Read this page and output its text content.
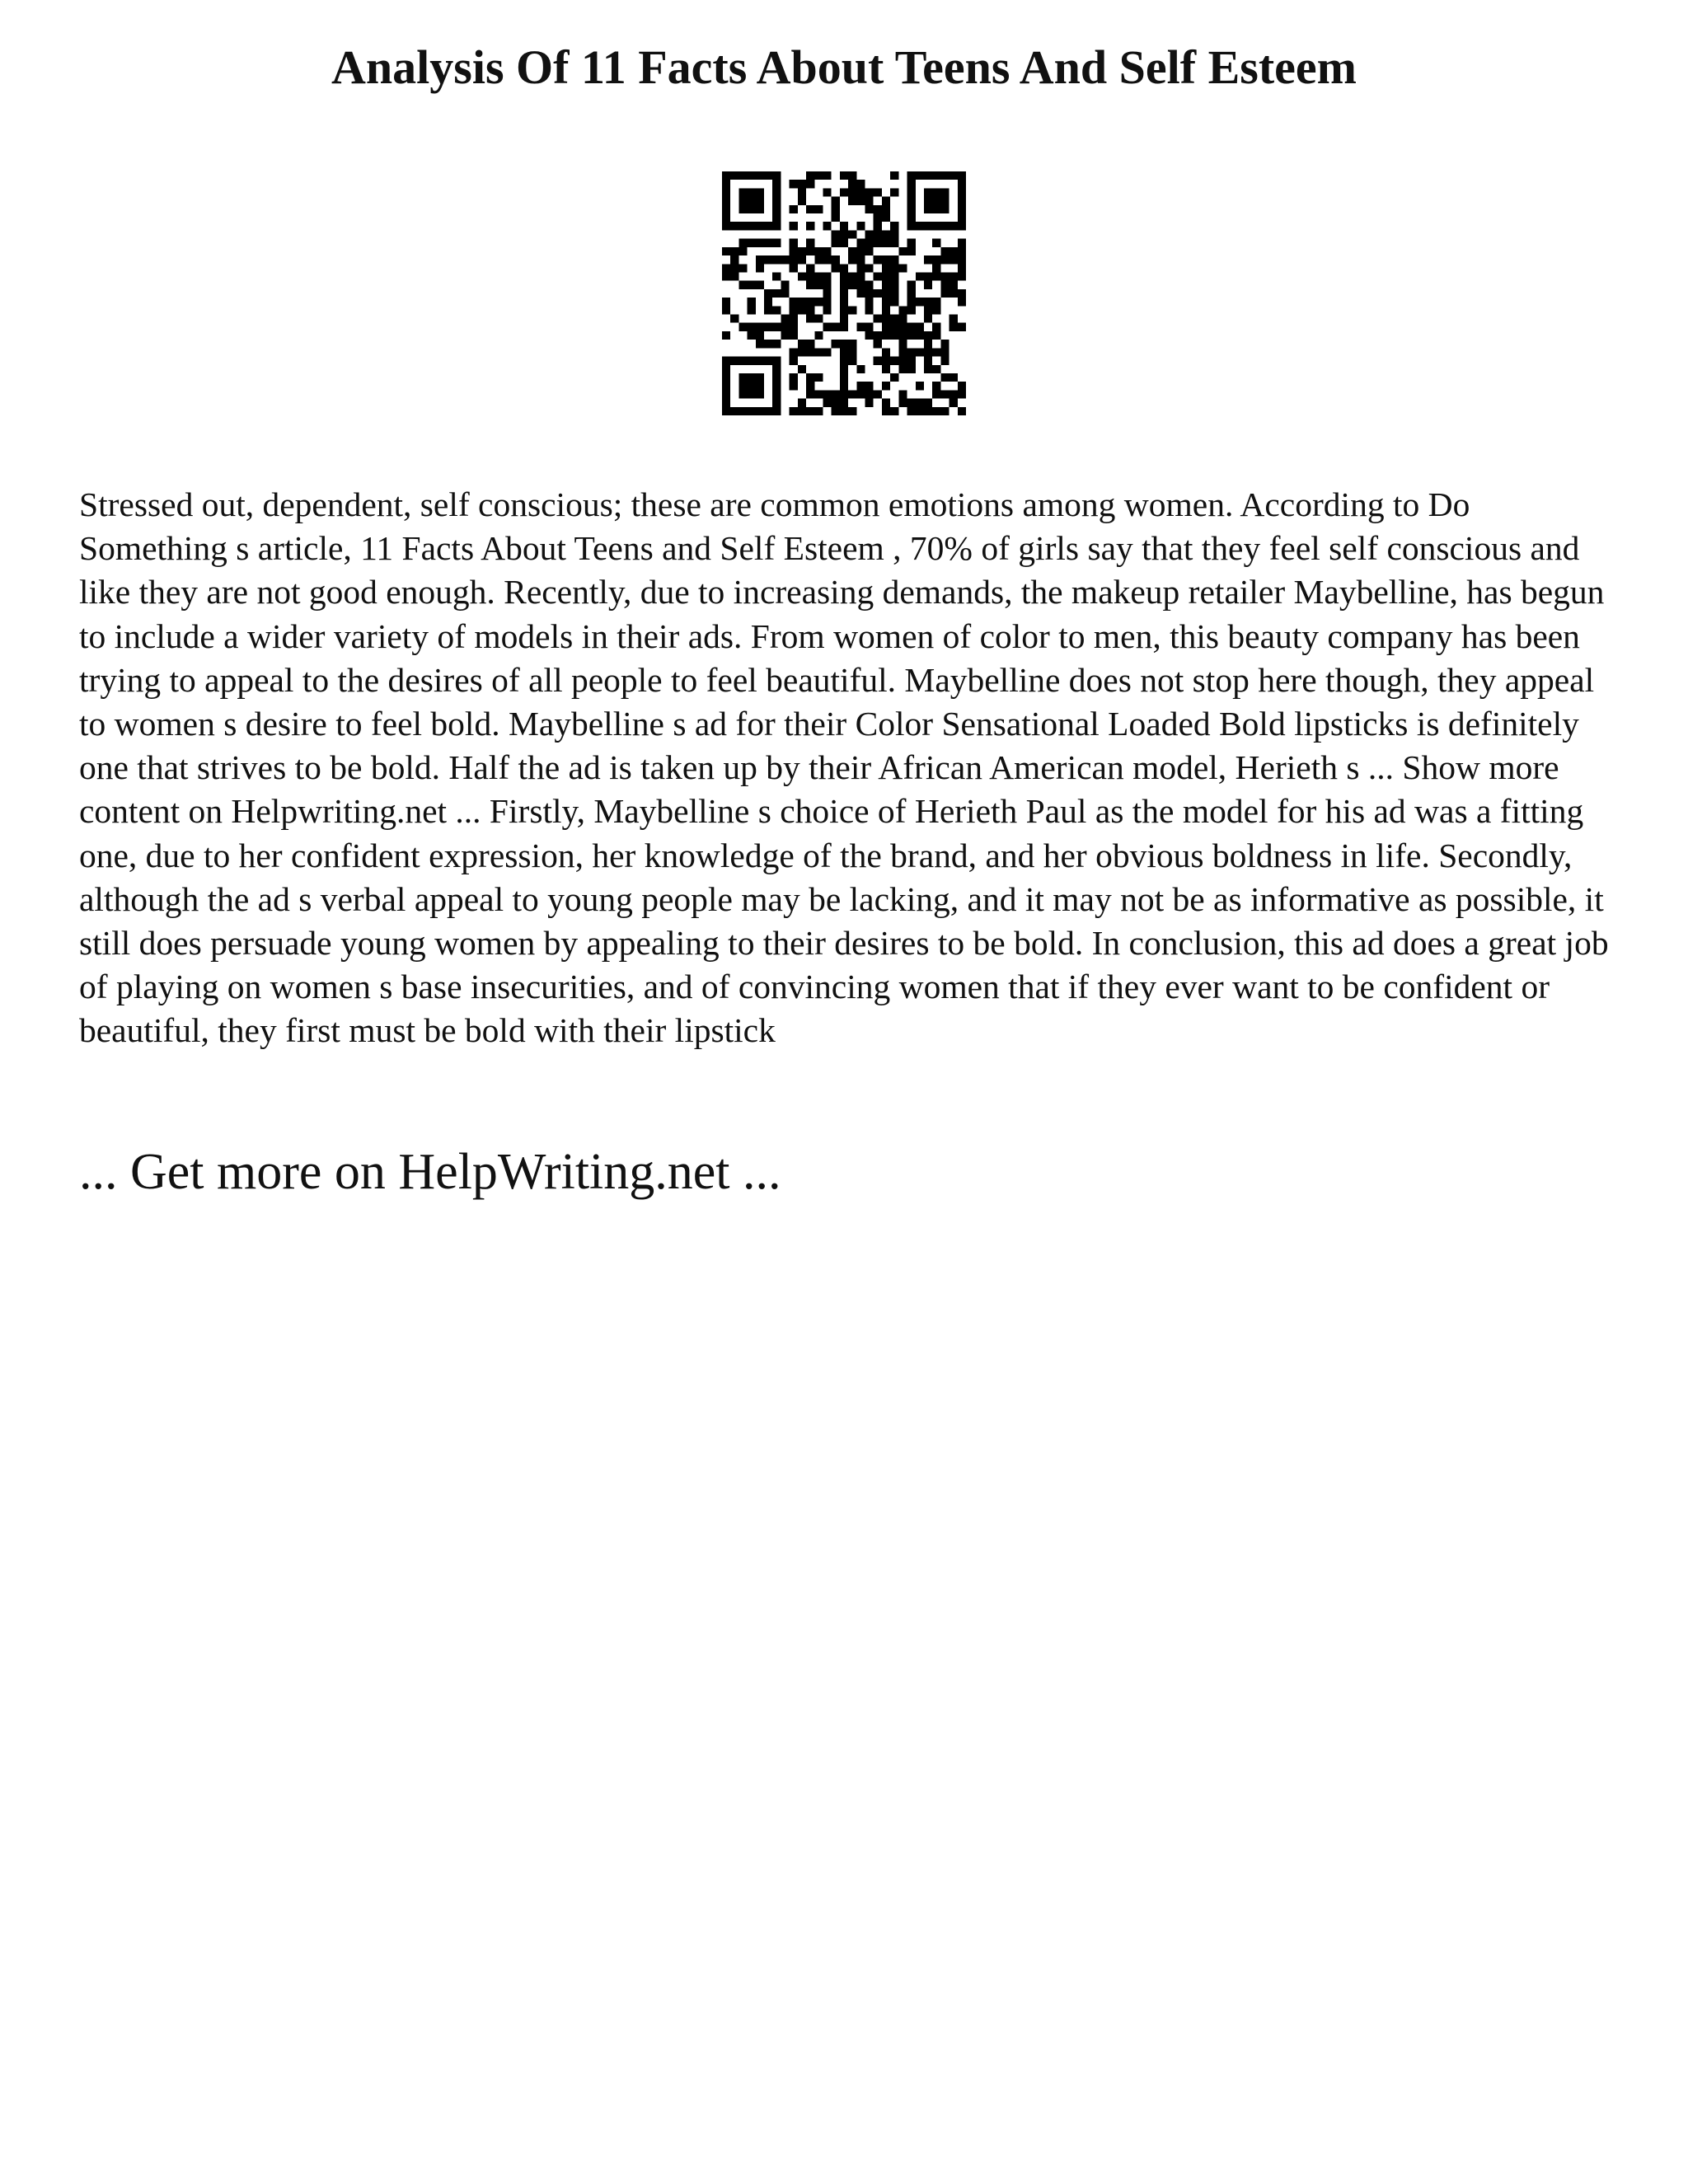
Analysis Of 11 Facts About Teens And Self Esteem

Stressed out, dependent, self conscious; these are common emotions among women. According to Do Something s article, 11 Facts About Teens and Self Esteem , 70% of girls say that they feel self conscious and like they are not good enough. Recently, due to increasing demands, the makeup retailer Maybelline, has begun to include a wider variety of models in their ads. From women of color to men, this beauty company has been trying to appeal to the desires of all people to feel beautiful. Maybelline does not stop here though, they appeal to women s desire to feel bold. Maybelline s ad for their Color Sensational Loaded Bold lipsticks is definitely one that strives to be bold. Half the ad is taken up by their African American model, Herieth s ... Show more content on Helpwriting.net ... Firstly, Maybelline s choice of Herieth Paul as the model for his ad was a fitting one, due to her confident expression, her knowledge of the brand, and her obvious boldness in life. Secondly, although the ad s verbal appeal to young people may be lacking, and it may not be as informative as possible, it still does persuade young women by appealing to their desires to be bold. In conclusion, this ad does a great job of playing on women s base insecurities, and of convincing women that if they ever want to be confident or beautiful, they first must be bold with their lipstick

... Get more on HelpWriting.net ...
